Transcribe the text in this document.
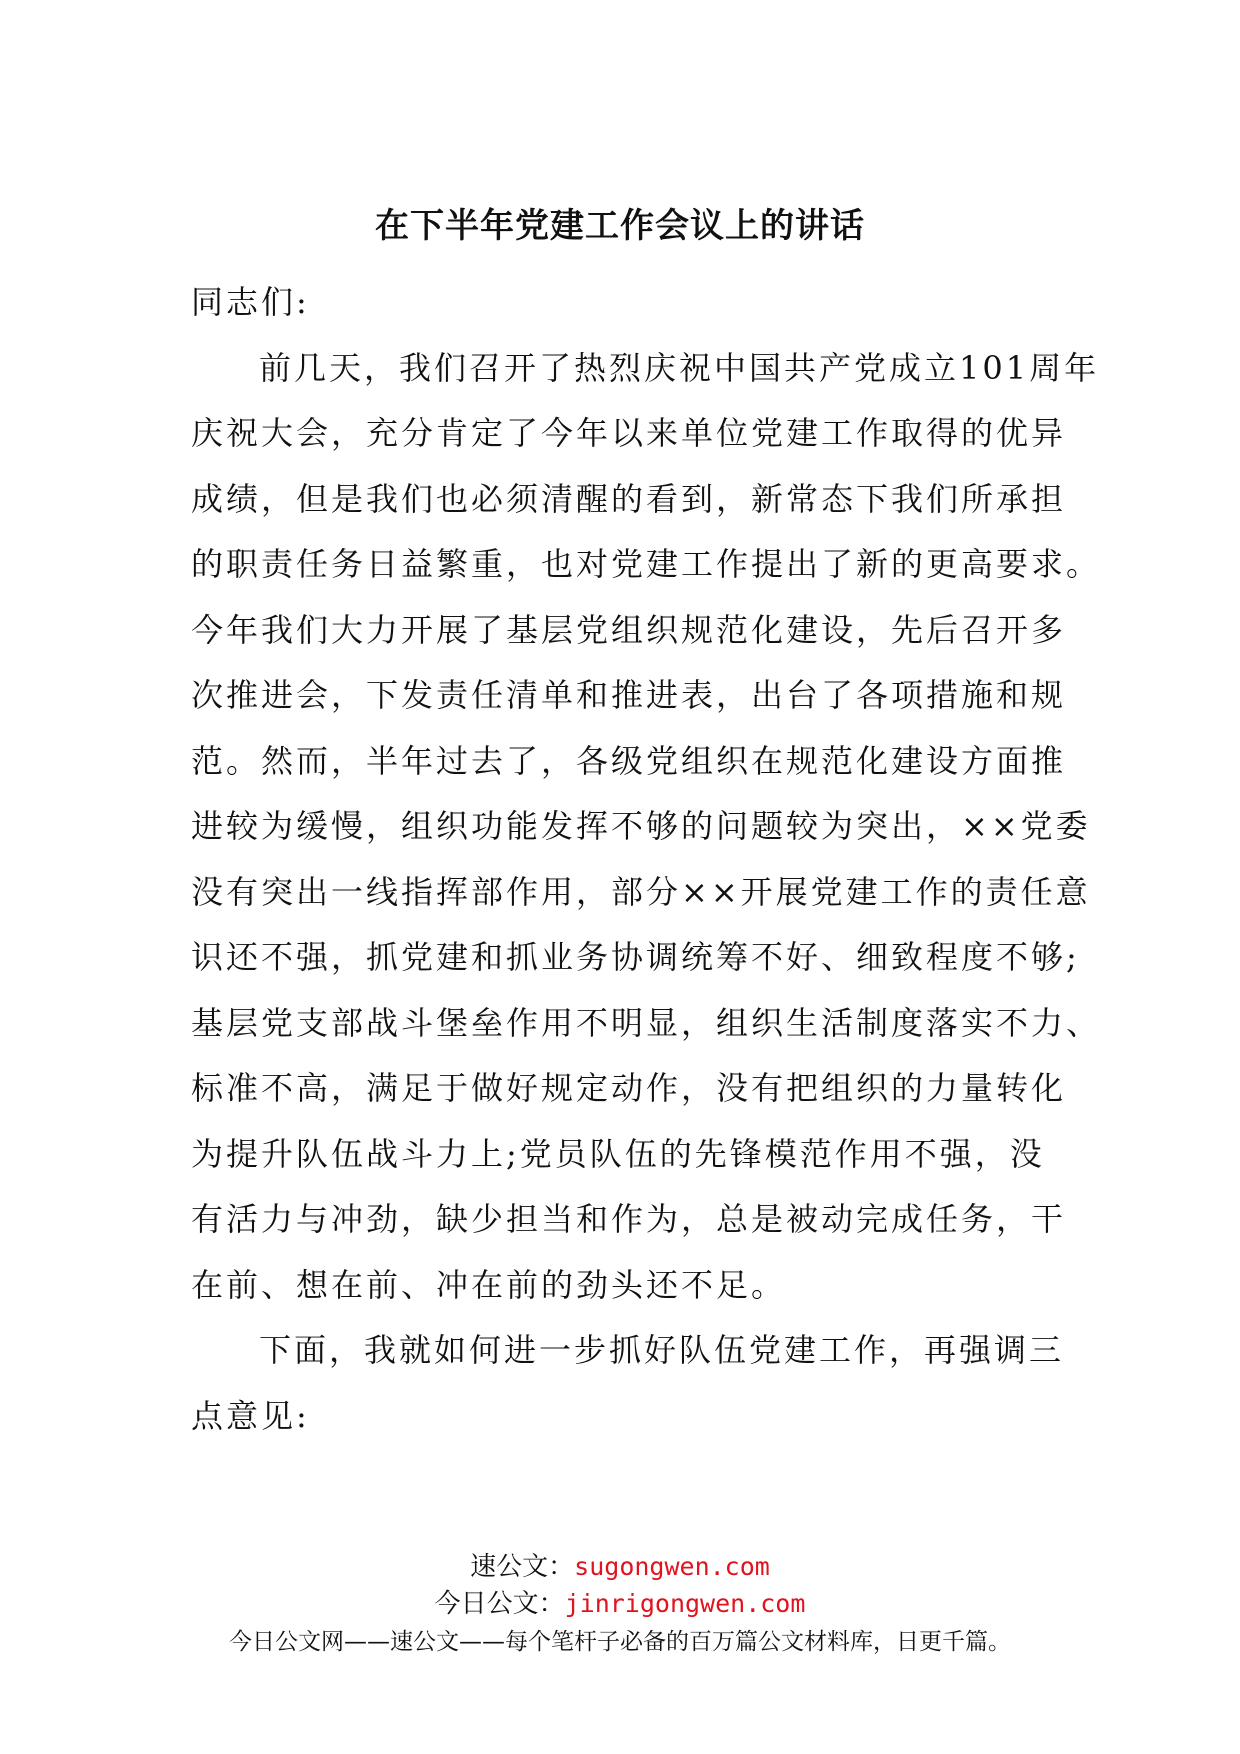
在下半年党建工作会议上的讲话
同志们:
前几天，我们召开了热烈庆祝中国共产党成立101周年
庆祝大会，充分肯定了今年以来单位党建工作取得的优异
成绩，但是我们也必须清醒的看到，新常态下我们所承担
的职责任务日益繁重，也对党建工作提出了新的更高要求。
今年我们大力开展了基层党组织规范化建设，先后召开多
次推进会，下发责任清单和推进表，出台了各项措施和规
范。然而，半年过去了，各级党组织在规范化建设方面推
进较为缓慢，组织功能发挥不够的问题较为突出，××党委
没有突出一线指挥部作用，部分××开展党建工作的责任意
识还不强，抓党建和抓业务协调统筹不好、细致程度不够;
基层党支部战斗堡垒作用不明显，组织生活制度落实不力、
标准不高，满足于做好规定动作，没有把组织的力量转化
为提升队伍战斗力上;党员队伍的先锋模范作用不强，没
有活力与冲劲，缺少担当和作为，总是被动完成任务，干
在前、想在前、冲在前的劲头还不足。
下面，我就如何进一步抓好队伍党建工作，再强调三
点意见:
速公文：sugongwen.com
今日公文：jinrigongwen.com
今日公文网——速公文——每个笔杆子必备的百万篇公文材料库，日更千篇。
